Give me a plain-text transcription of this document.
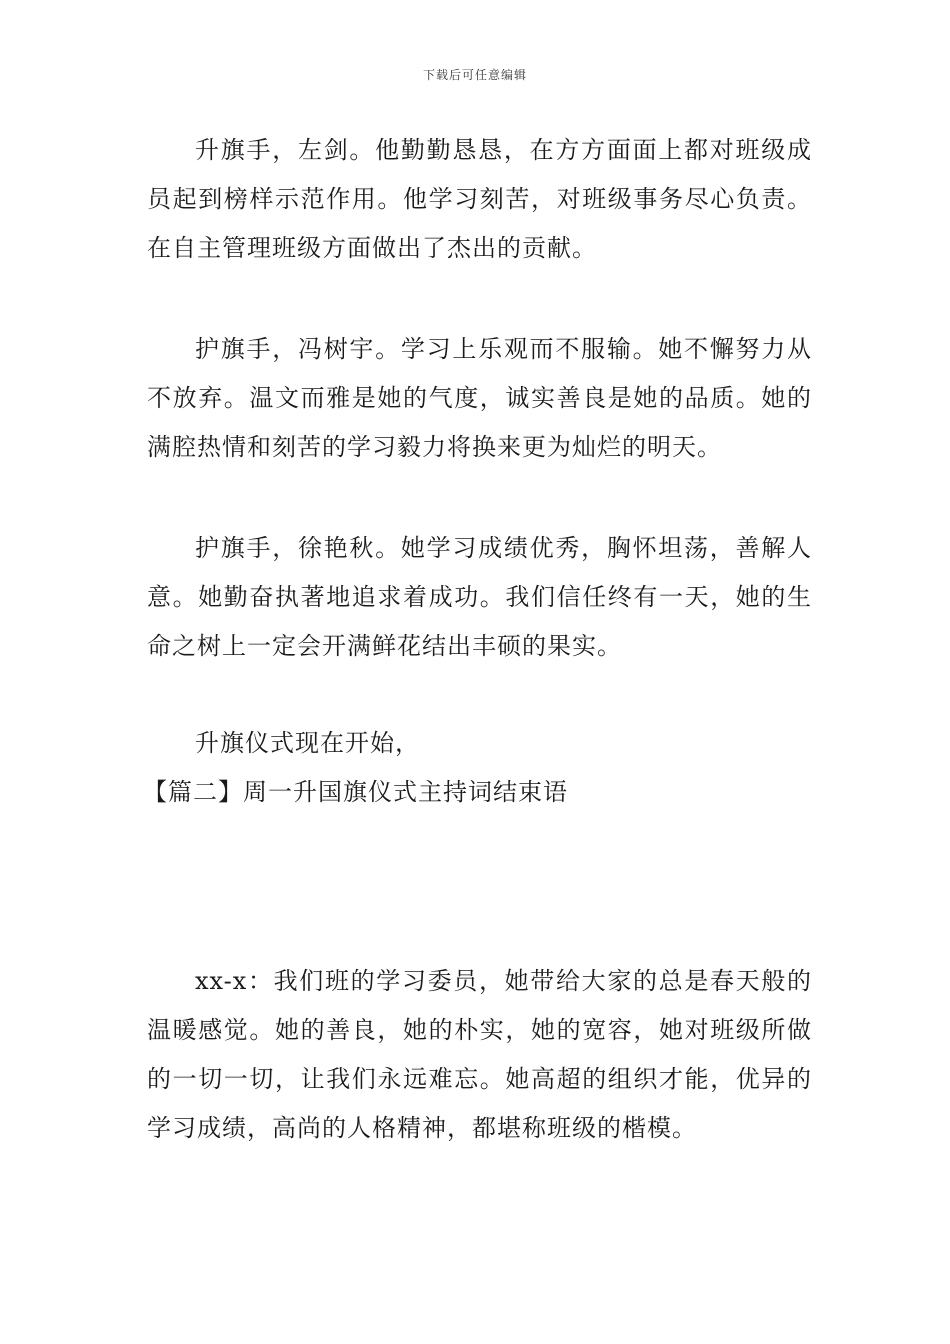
下载后可任意编辑

升旗手，左剑。他勤勤恳恳，在方方面面上都对班级成员起到榜样示范作用。他学习刻苦，对班级事务尽心负责。在自主管理班级方面做出了杰出的贡献。

护旗手，冯树宇。学习上乐观而不服输。她不懈努力从不放弃。温文而雅是她的气度，诚实善良是她的品质。她的满腔热情和刻苦的学习毅力将换来更为灿烂的明天。

护旗手，徐艳秋。她学习成绩优秀，胸怀坦荡，善解人意。她勤奋执著地追求着成功。我们信任终有一天，她的生命之树上一定会开满鲜花结出丰硕的果实。

升旗仪式现在开始，

【篇二】周一升国旗仪式主持词结束语

xx-x：我们班的学习委员，她带给大家的总是春天般的温暖感觉。她的善良，她的朴实，她的宽容，她对班级所做的一切一切，让我们永远难忘。她高超的组织才能，优异的学习成绩，高尚的人格精神，都堪称班级的楷模。
